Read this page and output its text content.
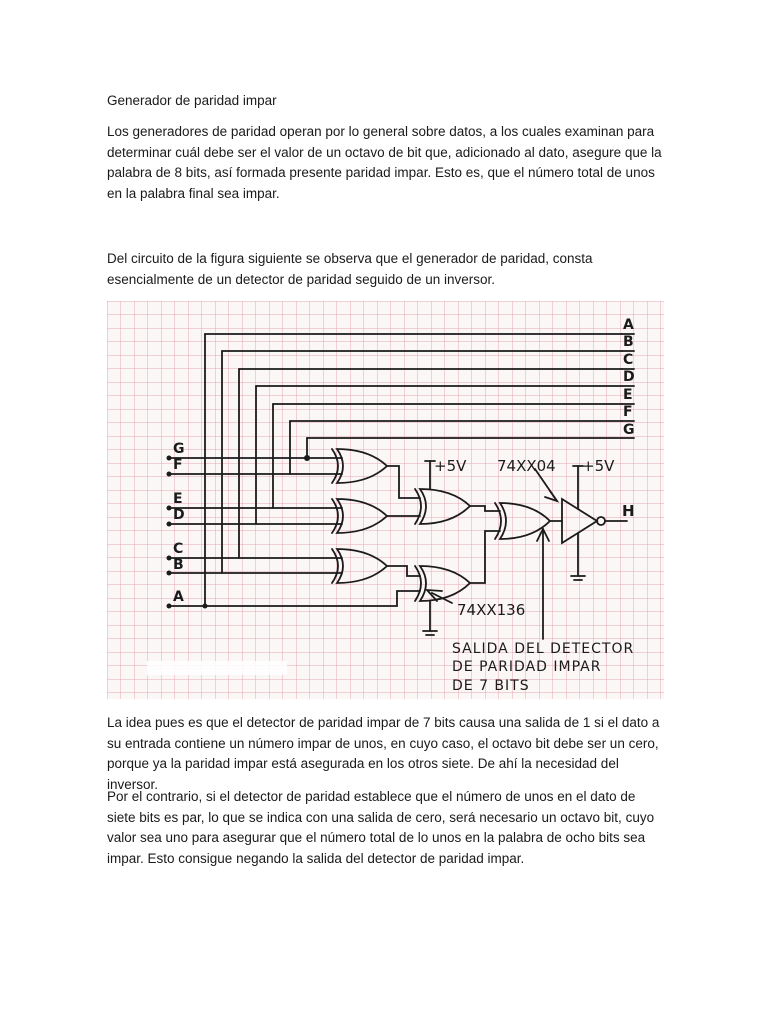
Generador de paridad impar

Los generadores de paridad operan por lo general sobre datos, a los cuales examinan para determinar cuál debe ser el valor de un octavo de bit que, adicionado al dato, asegure que la palabra de 8 bits, así formada presente paridad impar. Esto es, que el número total de unos en la palabra final sea impar.

Del circuito de la figura siguiente se observa que el generador de paridad, consta esencialmente de un detector de paridad seguido de un inversor.

A
B
C
D
E
F
G
G
F
E
D
C
B
A
+5V	+5V
74XX04
74XX136
H
SALIDA DEL DETECTOR
DE PARIDAD IMPAR
DE 7 BITS

La idea pues es que el detector de paridad impar de 7 bits causa una salida de 1 si el dato a su entrada contiene un número impar de unos, en cuyo caso, el octavo bit debe ser un cero, porque ya la paridad impar está asegurada en los otros siete. De ahí la necesidad del inversor.

Por el contrario, si el detector de paridad establece que el número de unos en el dato de siete bits es par, lo que se indica con una salida de cero, será necesario un octavo bit, cuyo valor sea uno para asegurar que el número total de lo unos en la palabra de ocho bits sea impar. Esto consigue negando la salida del detector de paridad impar.
